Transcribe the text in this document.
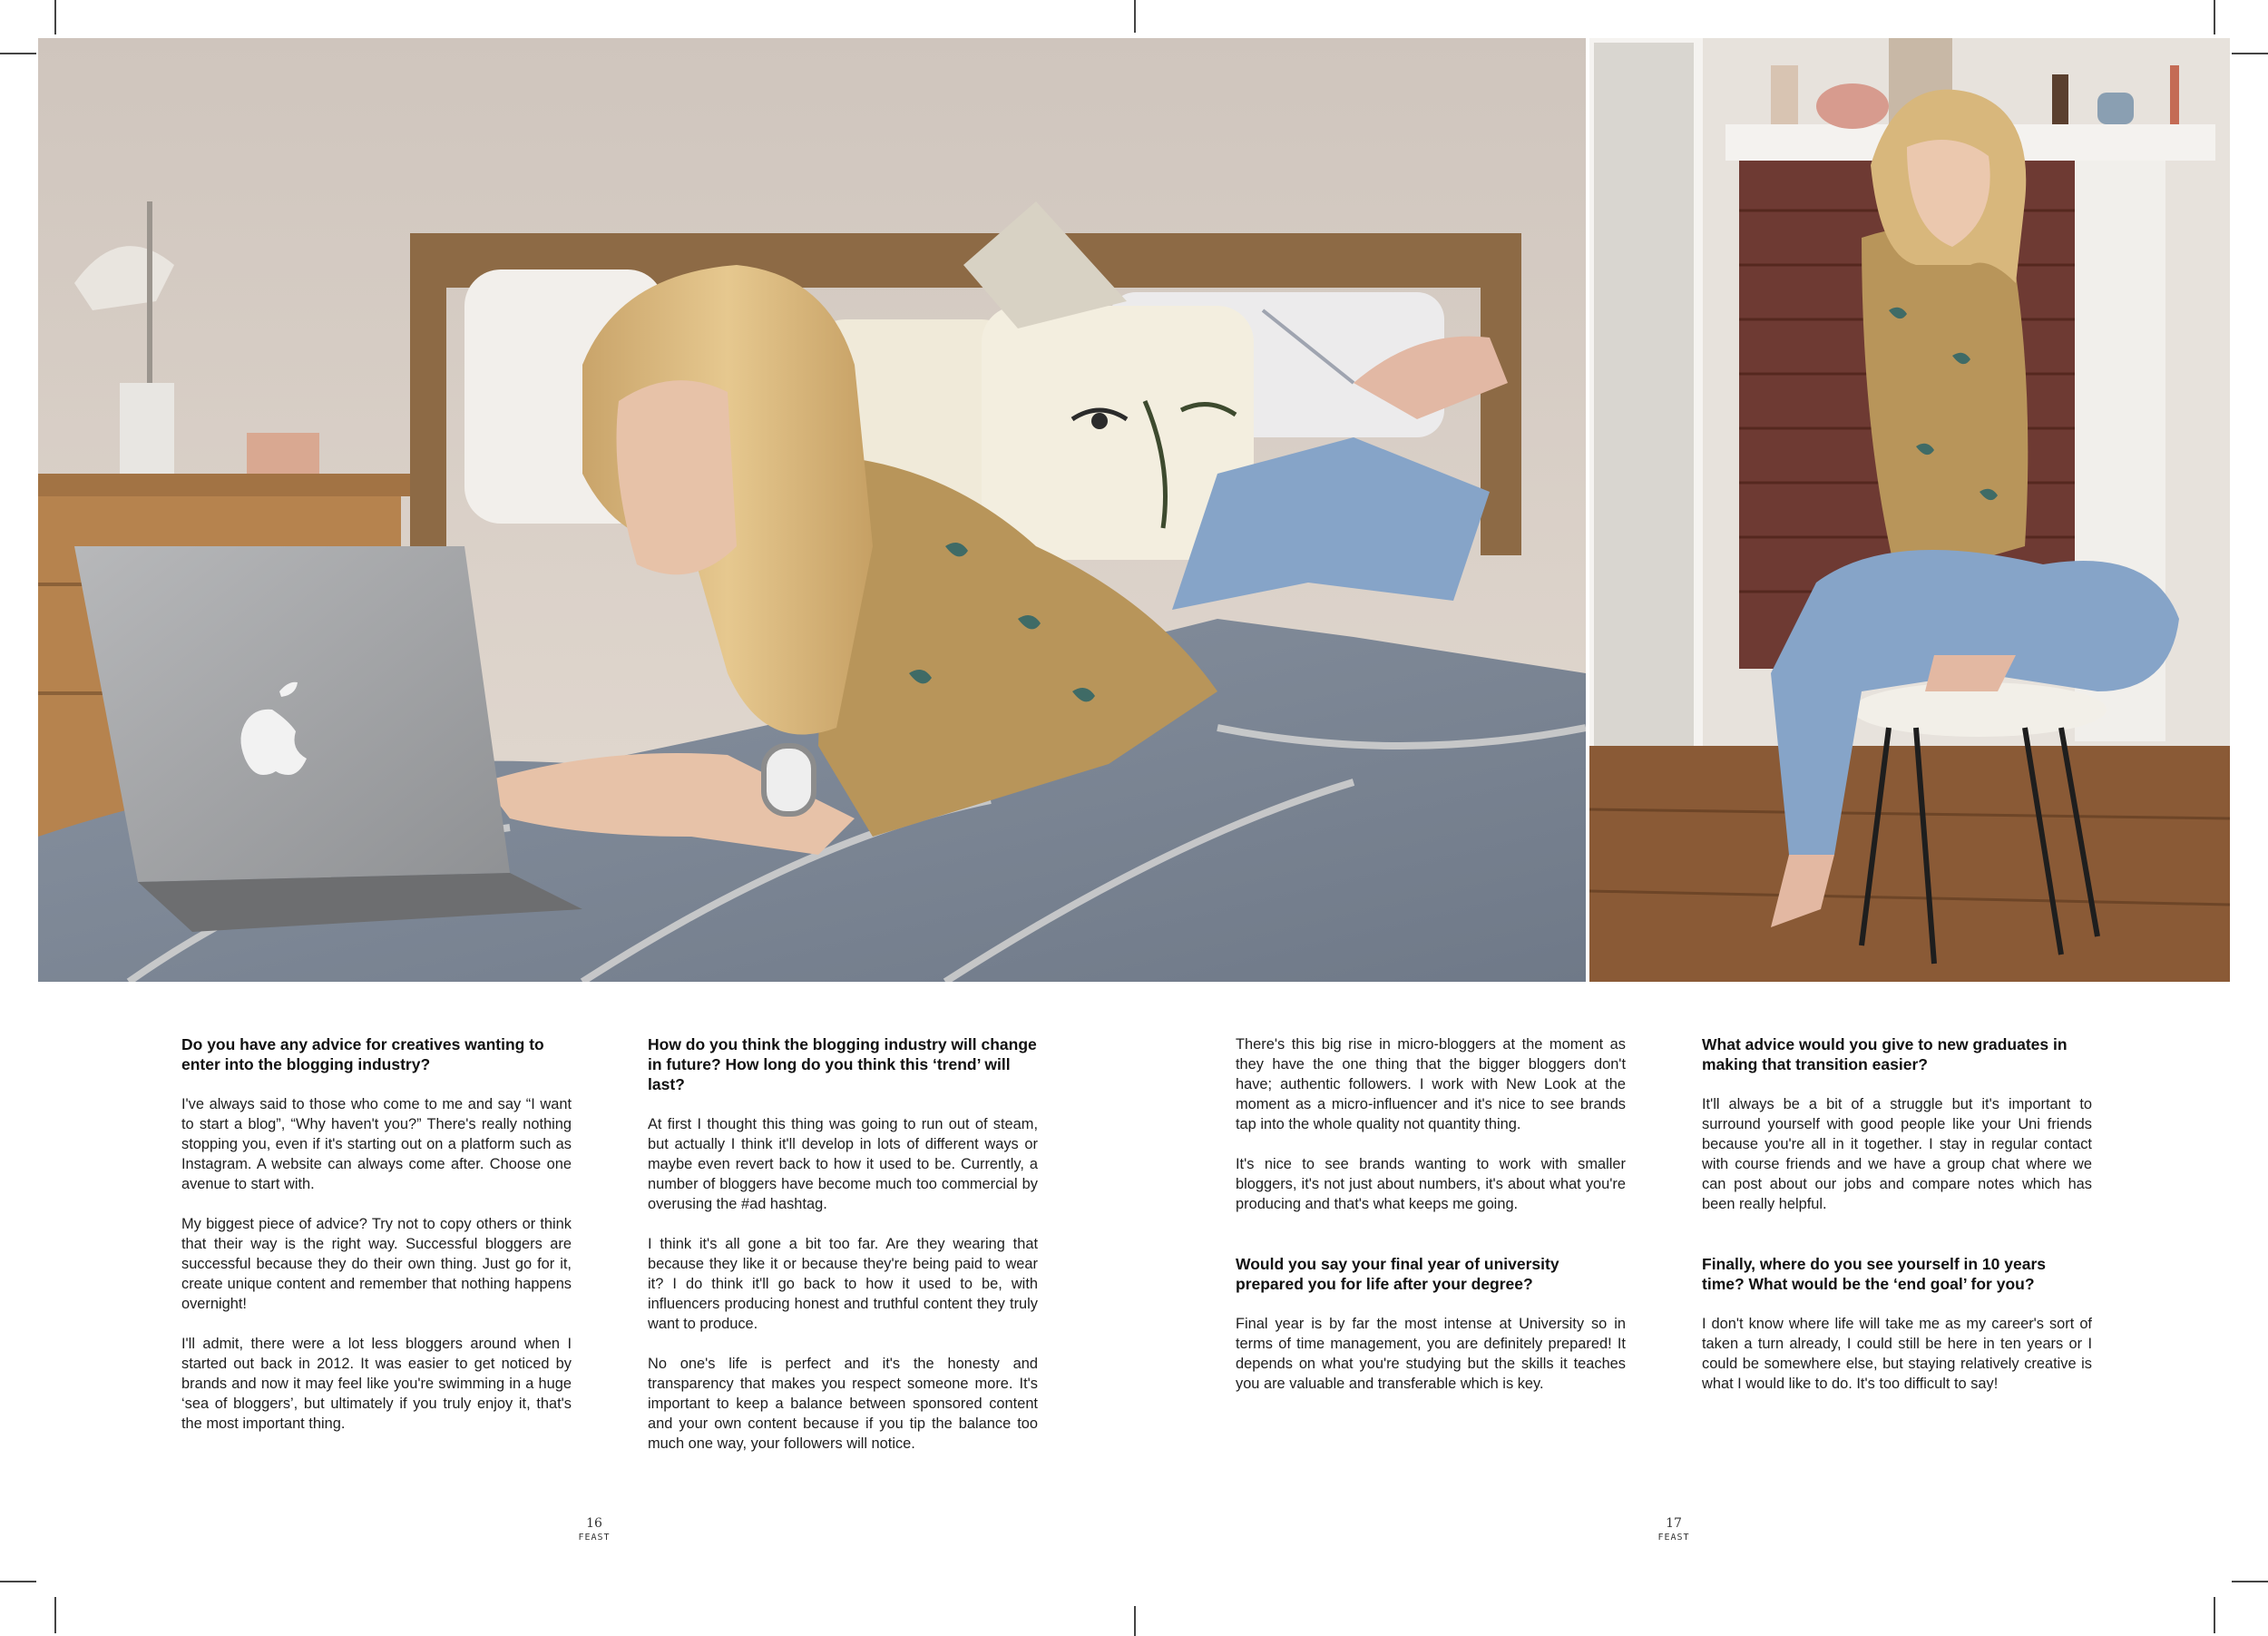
Do you have any advice for creatives wanting to enter into the blogging industry?

I've always said to those who come to me and say “I want to start a blog”, “Why haven't you?” There's really nothing stopping you, even if it's starting out on a platform such as Instagram. A website can always come after. Choose one avenue to start with.

My biggest piece of advice? Try not to copy others or think that their way is the right way. Successful bloggers are successful because they do their own thing. Just go for it, create unique content and remember that nothing happens overnight!

I'll admit, there were a lot less bloggers around when I started out back in 2012. It was easier to get noticed by brands and now it may feel like you're swimming in a huge ‘sea of bloggers’, but ultimately if you truly enjoy it, that's the most important thing.

How do you think the blogging industry will change in future? How long do you think this ‘trend’ will last?

At first I thought this thing was going to run out of steam, but actually I think it'll develop in lots of different ways or maybe even revert back to how it used to be. Currently, a number of bloggers have become much too commercial by overusing the #ad hashtag.

I think it's all gone a bit too far. Are they wearing that because they like it or because they're being paid to wear it? I do think it'll go back to how it used to be, with influencers producing honest and truthful content they truly want to produce.

No one's life is perfect and it's the honesty and transparency that makes you respect someone more. It's important to keep a balance between sponsored content and your own content because if you tip the balance too much one way, your followers will notice.

There's this big rise in micro-bloggers at the moment as they have the one thing that the bigger bloggers don't have; authentic followers. I work with New Look at the moment as a micro-influencer and it's nice to see brands tap into the whole quality not quantity thing.

It's nice to see brands wanting to work with smaller bloggers, it's not just about numbers, it's about what you're producing and that's what keeps me going.

Would you say your final year of university prepared you for life after your degree?

Final year is by far the most intense at University so in terms of time management, you are definitely prepared! It depends on what you're studying but the skills it teaches you are valuable and transferable which is key.

What advice would you give to new graduates in making that transition easier?

It'll always be a bit of a struggle but it's important to surround yourself with good people like your Uni friends because you're all in it together. I stay in regular contact with course friends and we have a group chat where we can post about our jobs and compare notes which has been really helpful.

Finally, where do you see yourself in 10 years time? What would be the ‘end goal’ for you?

I don't know where life will take me as my career's sort of taken a turn already, I could still be here in ten years or I could be somewhere else, but staying relatively creative is what I would like to do. It's too difficult to say!

16
FEAST
17
FEAST
